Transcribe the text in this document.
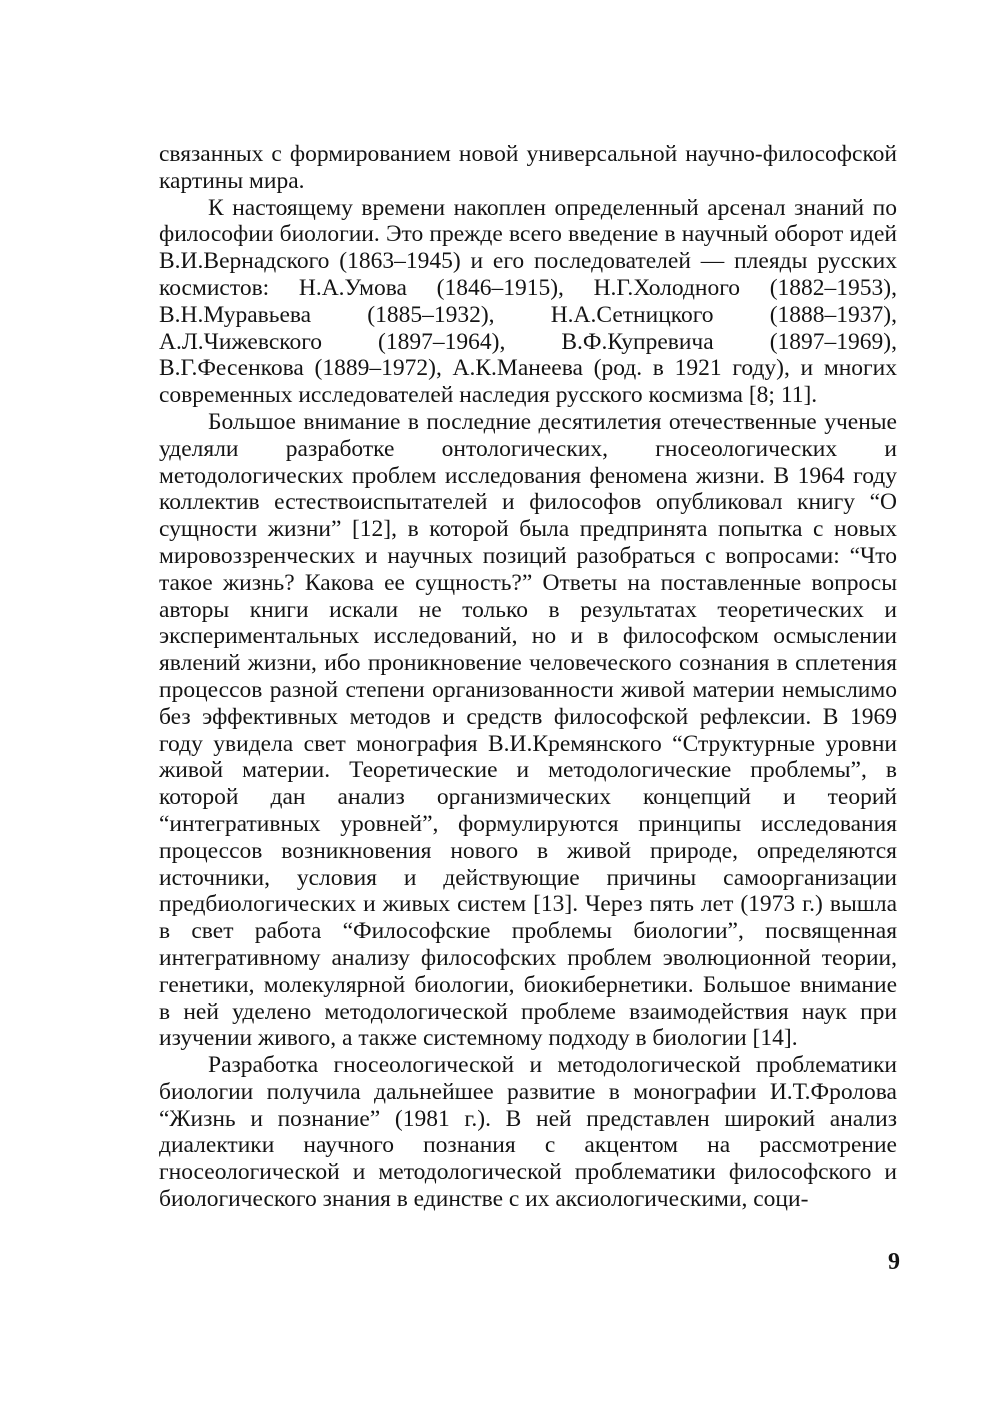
связанных с формированием новой универсальной научно-философской картины мира.

К настоящему времени накоплен определенный арсенал знаний по философии биологии. Это прежде всего введение в научный оборот идей В.И.Вернадского (1863–1945) и его последователей — плеяды русских космистов: Н.А.Умова (1846–1915), Н.Г.Холодного (1882–1953), В.Н.Муравьева (1885–1932), Н.А.Сетницкого (1888–1937), А.Л.Чижевского (1897–1964), В.Ф.Купревича (1897–1969), В.Г.Фесенкова (1889–1972), А.К.Манеева (род. в 1921 году), и многих современных исследователей наследия русского космизма [8; 11].

Большое внимание в последние десятилетия отечественные ученые уделяли разработке онтологических, гносеологических и методологических проблем исследования феномена жизни. В 1964 году коллектив естествоиспытателей и философов опубликовал книгу “О сущности жизни” [12], в которой была предпринята попытка с новых мировоззренческих и научных позиций разобраться с вопросами: “Что такое жизнь? Какова ее сущность?” Ответы на поставленные вопросы авторы книги искали не только в результатах теоретических и экспериментальных исследований, но и в философском осмыслении явлений жизни, ибо проникновение человеческого сознания в сплетения процессов разной степени организованности живой материи немыслимо без эффективных методов и средств философской рефлексии. В 1969 году увидела свет монография В.И.Кремянского “Структурные уровни живой материи. Теоретические и методологические проблемы”, в которой дан анализ организмических концепций и теорий “интегративных уровней”, формулируются принципы исследования процессов возникновения нового в живой природе, определяются источники, условия и действующие причины самоорганизации предбиологических и живых систем [13]. Через пять лет (1973 г.) вышла в свет работа “Философские проблемы биологии”, посвященная интегративному анализу философских проблем эволюционной теории, генетики, молекулярной биологии, биокибернетики. Большое внимание в ней уделено методологической проблеме взаимодействия наук при изучении живого, а также системному подходу в биологии [14].

Разработка гносеологической и методологической проблематики биологии получила дальнейшее развитие в монографии И.Т.Фролова “Жизнь и познание” (1981 г.). В ней представлен широкий анализ диалектики научного познания с акцентом на рассмотрение гносеологической и методологической проблематики философского и биологического знания в единстве с их аксиологическими, соци-

9
